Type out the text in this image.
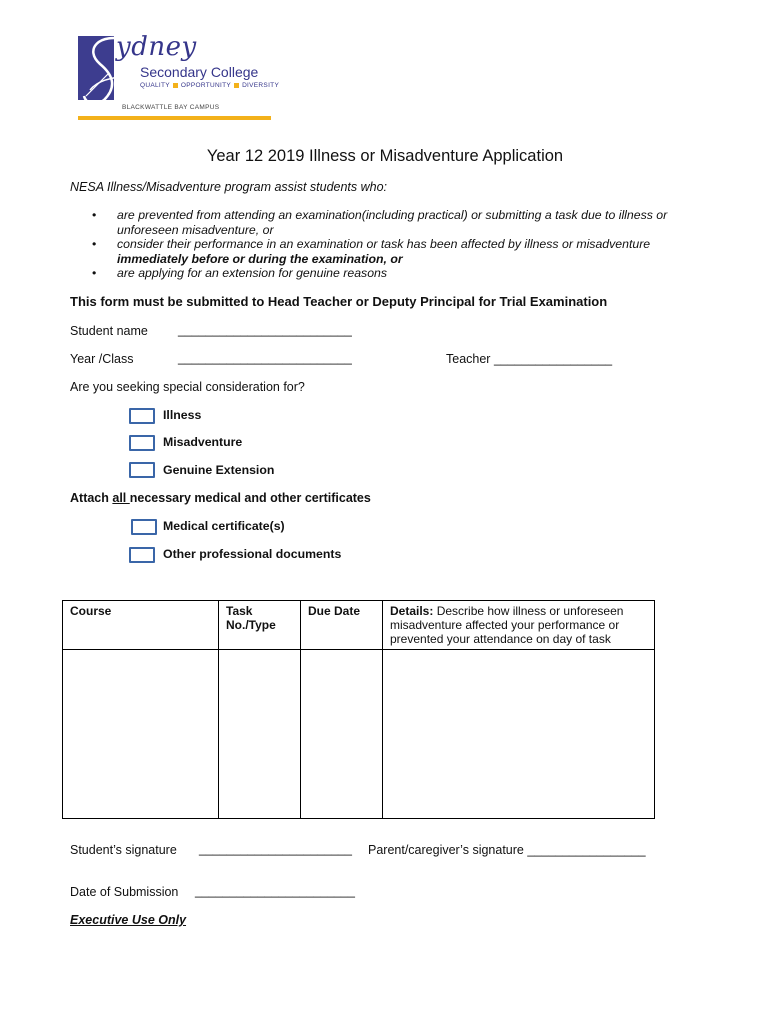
ydney
Secondary College
QUALITY OPPORTUNITY DIVERSITY
BLACKWATTLE BAY CAMPUS
Year 12 2019 Illness or Misadventure Application
NESA Illness/Misadventure program assist students who:
• are prevented from attending an examination(including practical) or submitting a task due to illness or unforeseen misadventure, or
• consider their performance in an examination or task has been affected by illness or misadventure
immediately before or during the examination, or
• are applying for an extension for genuine reasons
This form must be submitted to Head Teacher or Deputy Principal for Trial Examination
Student name _________________________
Year /Class	_________________________	Teacher _________________
Are you seeking special consideration for?
Illness
Misadventure
Genuine Extension
Attach all necessary medical and other certificates
Medical certificate(s)
Other professional documents
Course	Task No./Type	Due Date	Details: Describe how illness or unforeseen misadventure affected your performance or prevented your attendance on day of task

Student’s signature ______________________ Parent/caregiver’s signature _________________
Date of Submission _______________________
Executive Use Only
